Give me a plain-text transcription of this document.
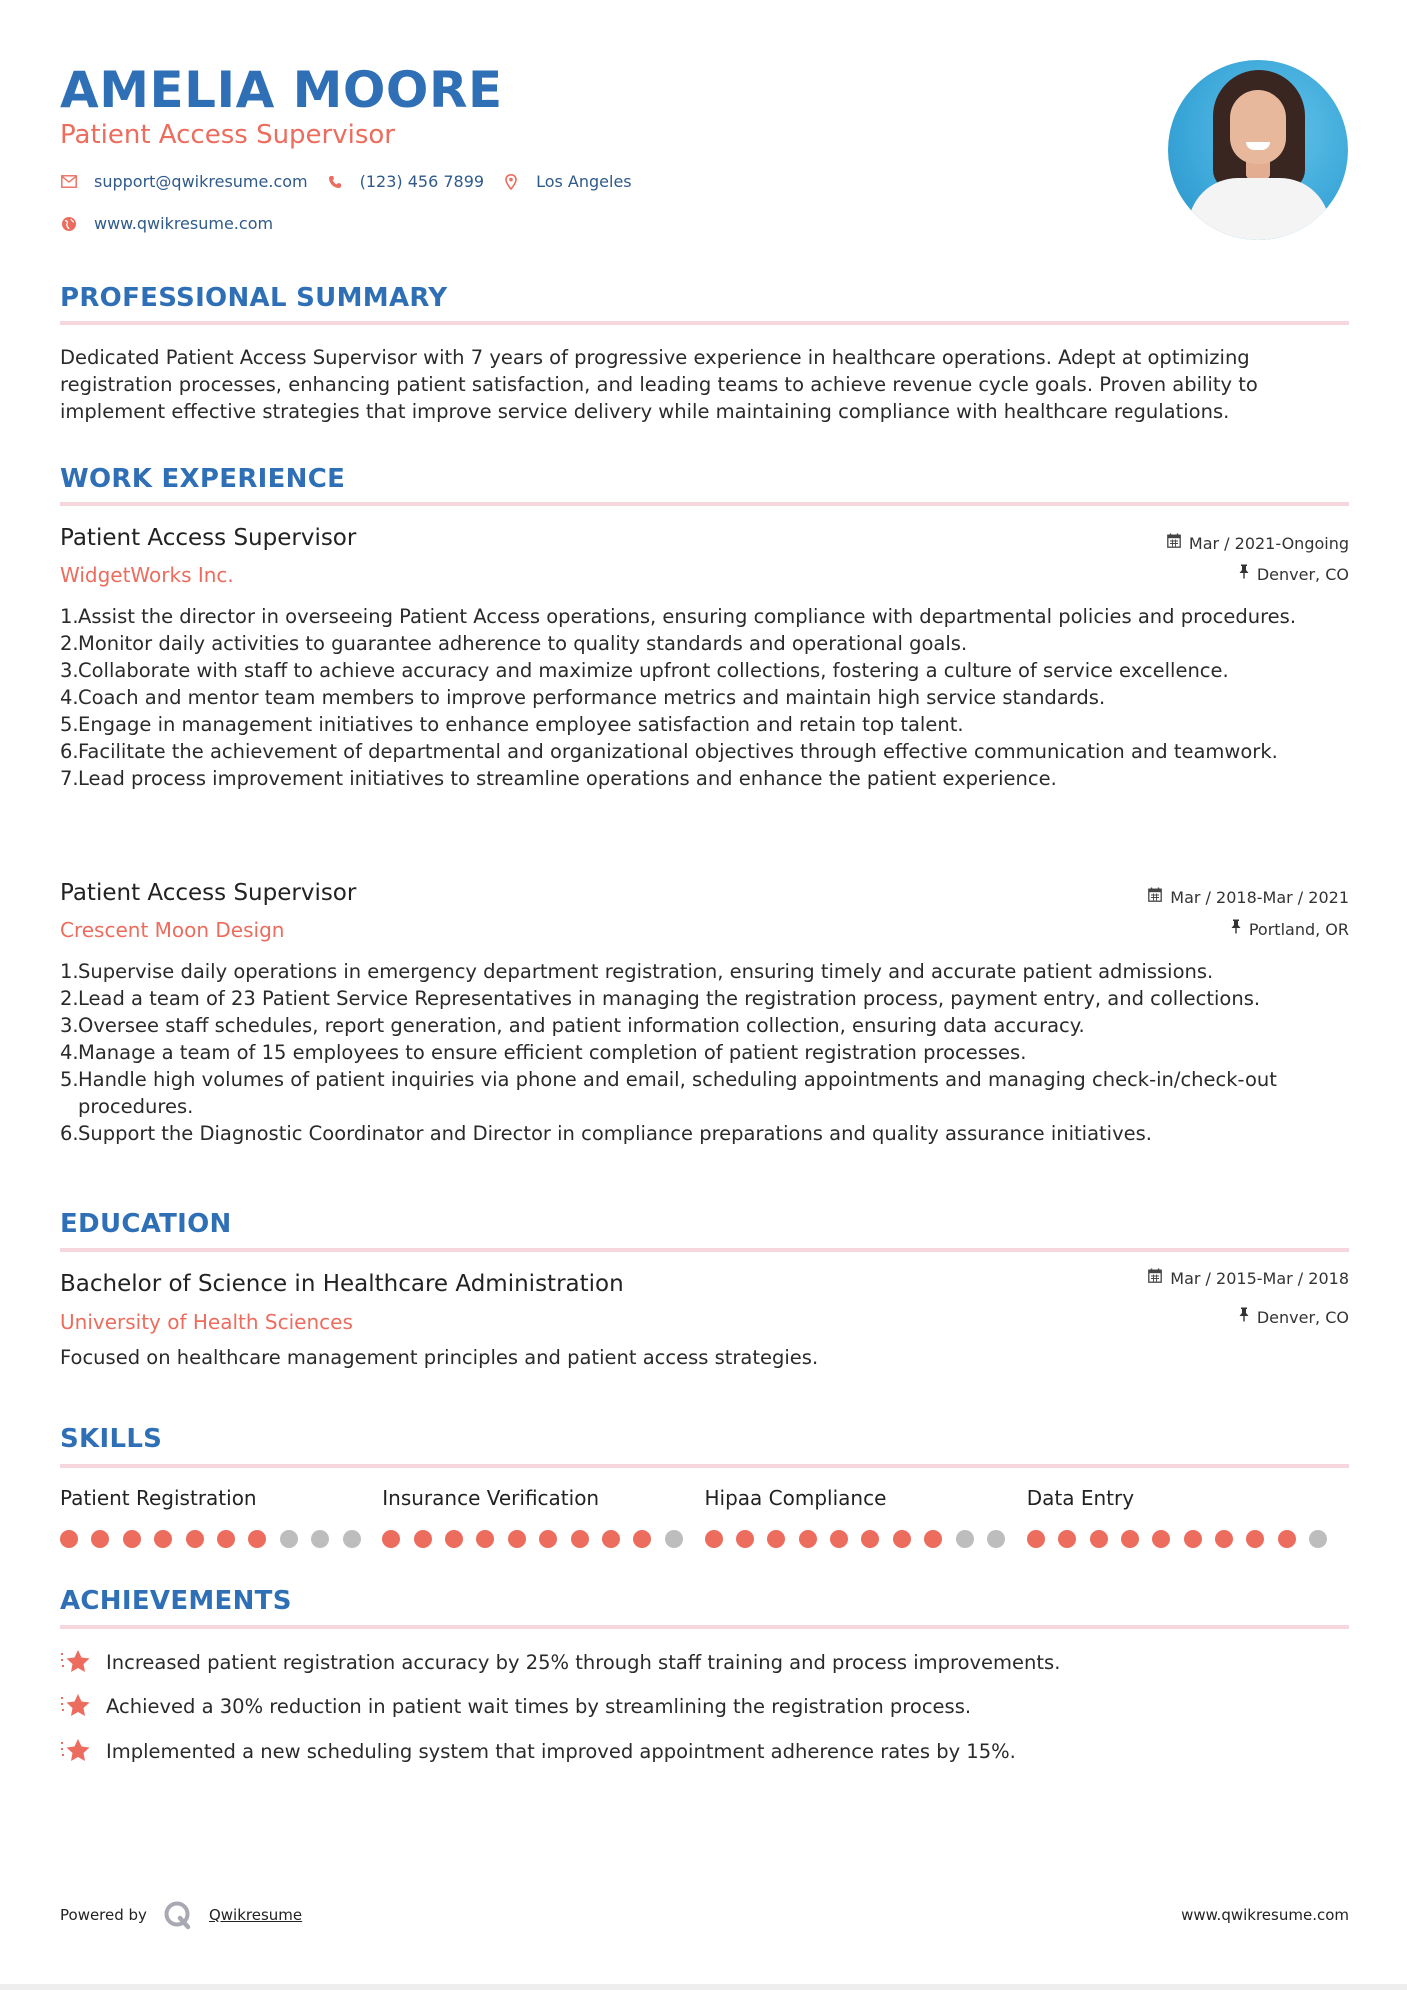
AMELIA MOORE
Patient Access Supervisor
support@qwikresume.com	(123) 456 7899	Los Angeles
www.qwikresume.com
PROFESSIONAL SUMMARY
Dedicated Patient Access Supervisor with 7 years of progressive experience in healthcare operations. Adept at optimizing registration processes, enhancing patient satisfaction, and leading teams to achieve revenue cycle goals. Proven ability to implement effective strategies that improve service delivery while maintaining compliance with healthcare regulations.
WORK EXPERIENCE
Patient Access Supervisor
WidgetWorks Inc.
Mar / 2021-Ongoing
Denver, CO
1. Assist the director in overseeing Patient Access operations, ensuring compliance with departmental policies and procedures.
2. Monitor daily activities to guarantee adherence to quality standards and operational goals.
3. Collaborate with staff to achieve accuracy and maximize upfront collections, fostering a culture of service excellence.
4. Coach and mentor team members to improve performance metrics and maintain high service standards.
5. Engage in management initiatives to enhance employee satisfaction and retain top talent.
6. Facilitate the achievement of departmental and organizational objectives through effective communication and teamwork.
7. Lead process improvement initiatives to streamline operations and enhance the patient experience.
Patient Access Supervisor
Crescent Moon Design
Mar / 2018-Mar / 2021
Portland, OR
1. Supervise daily operations in emergency department registration, ensuring timely and accurate patient admissions.
2. Lead a team of 23 Patient Service Representatives in managing the registration process, payment entry, and collections.
3. Oversee staff schedules, report generation, and patient information collection, ensuring data accuracy.
4. Manage a team of 15 employees to ensure efficient completion of patient registration processes.
5. Handle high volumes of patient inquiries via phone and email, scheduling appointments and managing check-in/check-out procedures.
6. Support the Diagnostic Coordinator and Director in compliance preparations and quality assurance initiatives.
EDUCATION
Bachelor of Science in Healthcare Administration
University of Health Sciences
Mar / 2015-Mar / 2018
Denver, CO
Focused on healthcare management principles and patient access strategies.
SKILLS
Patient Registration	Insurance Verification	Hipaa Compliance	Data Entry
ACHIEVEMENTS
Increased patient registration accuracy by 25% through staff training and process improvements.
Achieved a 30% reduction in patient wait times by streamlining the registration process.
Implemented a new scheduling system that improved appointment adherence rates by 15%.
Powered by	Qwikresume	www.qwikresume.com
